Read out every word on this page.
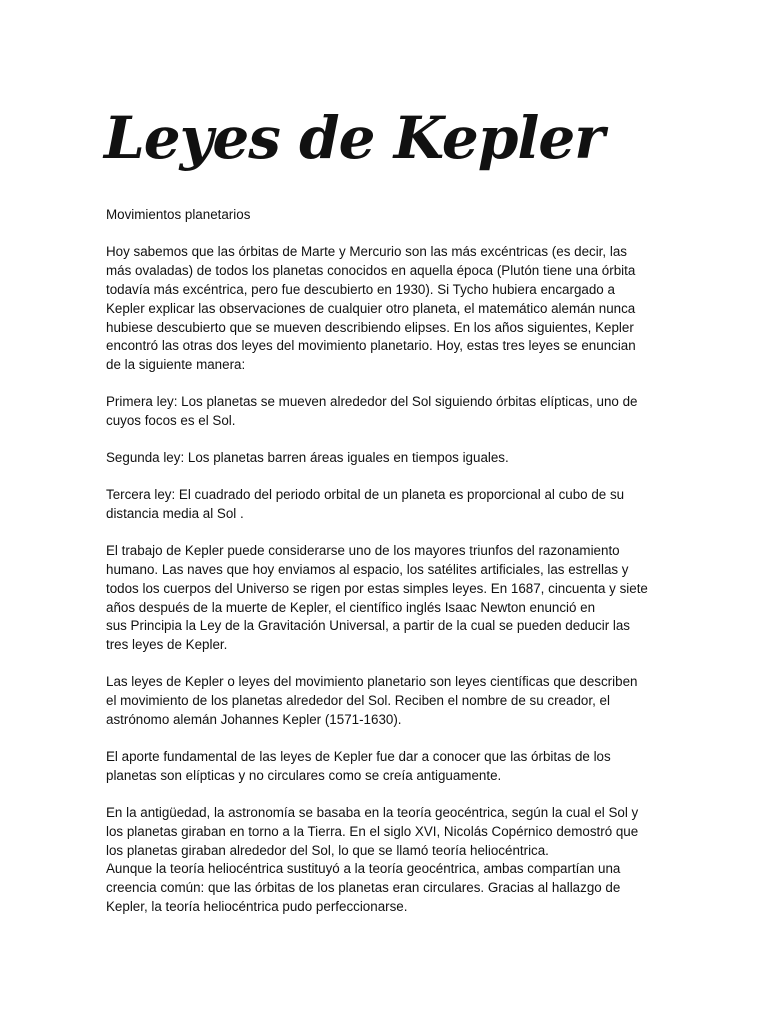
Leyes de Kepler

Movimientos planetarios

Hoy sabemos que las órbitas de Marte y Mercurio son las más excéntricas (es decir, las
más ovaladas) de todos los planetas conocidos en aquella época (Plutón tiene una órbita
todavía más excéntrica, pero fue descubierto en 1930). Si Tycho hubiera encargado a
Kepler explicar las observaciones de cualquier otro planeta, el matemático alemán nunca
hubiese descubierto que se mueven describiendo elipses. En los años siguientes, Kepler
encontró las otras dos leyes del movimiento planetario. Hoy, estas tres leyes se enuncian
de la siguiente manera:

Primera ley: Los planetas se mueven alrededor del Sol siguiendo órbitas elípticas, uno de
cuyos focos es el Sol.

Segunda ley: Los planetas barren áreas iguales en tiempos iguales.

Tercera ley: El cuadrado del periodo orbital de un planeta es proporcional al cubo de su
distancia media al Sol .

El trabajo de Kepler puede considerarse uno de los mayores triunfos del razonamiento
humano. Las naves que hoy enviamos al espacio, los satélites artificiales, las estrellas y
todos los cuerpos del Universo se rigen por estas simples leyes. En 1687, cincuenta y siete
años después de la muerte de Kepler, el científico inglés Isaac Newton enunció en
sus Principia la Ley de la Gravitación Universal, a partir de la cual se pueden deducir las
tres leyes de Kepler.

Las leyes de Kepler o leyes del movimiento planetario son leyes científicas que describen
el movimiento de los planetas alrededor del Sol. Reciben el nombre de su creador, el
astrónomo alemán Johannes Kepler (1571-1630).

El aporte fundamental de las leyes de Kepler fue dar a conocer que las órbitas de los
planetas son elípticas y no circulares como se creía antiguamente.

En la antigüedad, la astronomía se basaba en la teoría geocéntrica, según la cual el Sol y
los planetas giraban en torno a la Tierra. En el siglo XVI, Nicolás Copérnico demostró que
los planetas giraban alrededor del Sol, lo que se llamó teoría heliocéntrica.
Aunque la teoría heliocéntrica sustituyó a la teoría geocéntrica, ambas compartían una
creencia común: que las órbitas de los planetas eran circulares. Gracias al hallazgo de
Kepler, la teoría heliocéntrica pudo perfeccionarse.
